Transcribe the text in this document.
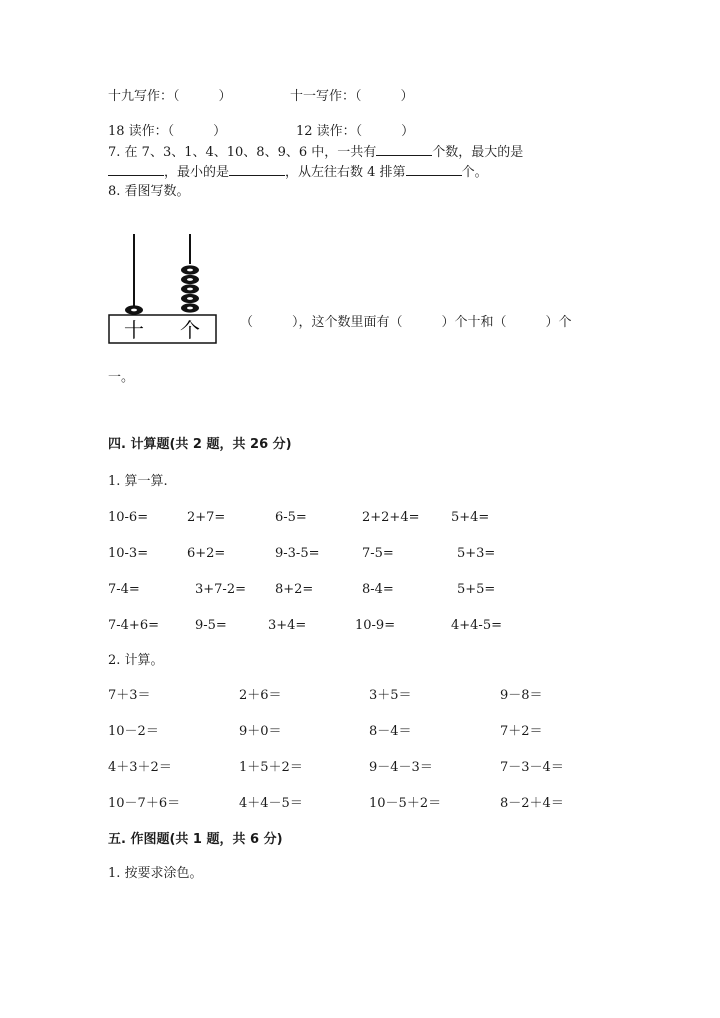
十九写作：（　　　）	十一写作：（　　　）
18 读作：（　　　）	12 读作：（　　　）
7. 在 7、3、1、4、10、8、9、6 中，一共有	个数，最大的是
，最小的是	，从左往右数 4 排第	个。
8. 看图写数。
十 个	（　　　），这个数里面有（　　　）个十和（　　　）个
一。
四. 计算题(共 2 题，共 26 分)
1. 算一算.
10-6=	2+7=	6-5=	2+2+4= 5+4=
10-3=	6+2=	9-3-5=	7-5=	5+3=
7-4=	3+7-2= 8+2=	8-4=	5+5=
7-4+6=	9-5=	3+4=	10-9=	4+4-5=
2. 计算。
7＋3＝	2＋6＝	3＋5＝	9－8＝
10－2＝	9＋0＝	8－4＝	7＋2＝
4＋3＋2＝	1＋5＋2＝	9－4－3＝	7－3－4＝
10－7＋6＝	4＋4－5＝	10－5＋2＝	8－2＋4＝
五. 作图题(共 1 题，共 6 分)
1. 按要求涂色。
